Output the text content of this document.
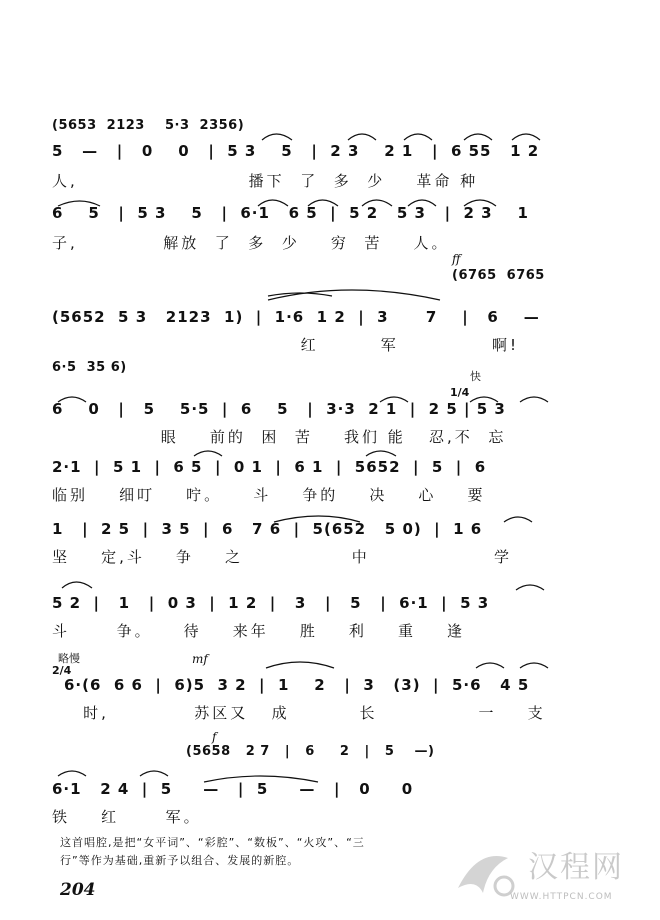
(5653  2123    5·3  2356)
5   —   |   0    0   |  5 3    5   |  2 3    2 1   |  6 55   1 2
人,                      播下  了  多  少    革命 种
6    5   |  5 3    5   |  6·1   6 5  |  5 2   5 3   |  2 3    1
子,           解放  了  多  少    穷  苦    人。
ff
(6765  6765
(5652  5 3   2123  1)  |  1·6  1 2  |  3      7    |   6    —
红        军            啊!
6·5  35 6)
快
1/4
6    0   |   5    5·5  |  6    5   |  3·3  2 1  |  2 5 | 5 3
眼    前的  困  苦    我们 能   忍,不  忘
2·1  |  5 1  |  6 5  |  0 1  |  6 1  |  5652  |  5  |  6
临别    细叮    咛。    斗    争的    决    心    要
1   |  2 5  |  3 5  |  6   7 6  |  5(652   5 0)  |  1 6
坚    定,斗    争    之              中                学
5 2  |   1   |  0 3  |  1 2  |   3   |   5   |  6·1  |  5 3
斗      争。    待    来年    胜    利    重    逢
略慢	mf
2/4
6·(6  6 6  |  6)5  3 2  |  1    2   |  3   (3)  |  5·6   4 5
时,           苏区又   成         长             一    支
f
(5658   2 7   |   6     2   |   5    —)
6·1   2 4  |  5     —   |  5     —   |   0     0
铁    红      军。
这首唱腔,是把“女平词”、“彩腔”、“数板”、“火攻”、“三
行”等作为基础,重新予以组合、发展的新腔。
204
汉程网
WWW.HTTPCN.COM
